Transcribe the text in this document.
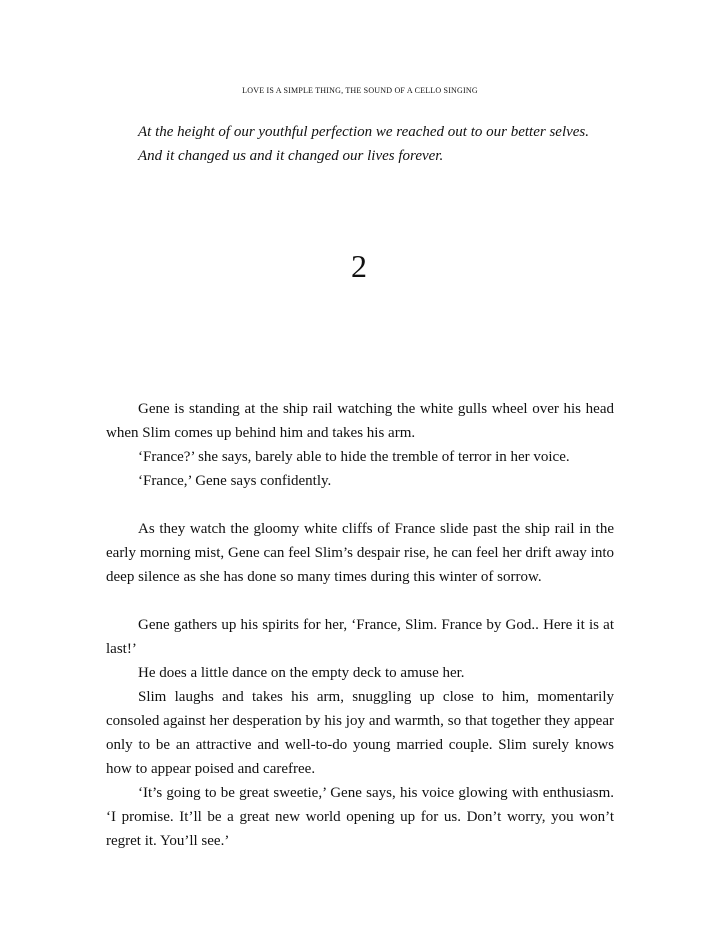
LOVE IS A SIMPLE THING, THE SOUND OF A CELLO SINGING

At the height of our youthful perfection we reached out to our better selves.

And it changed us and it changed our lives forever.

2

Gene is standing at the ship rail watching the white gulls wheel over his head when Slim comes up behind him and takes his arm.

‘France?’ she says, barely able to hide the tremble of terror in her voice.

‘France,’ Gene says confidently.

As they watch the gloomy white cliffs of France slide past the ship rail in the early morning mist, Gene can feel Slim’s despair rise, he can feel her drift away into deep silence as she has done so many times during this winter of sorrow.

Gene gathers up his spirits for her, ‘France, Slim. France by God.. Here it is at last!’

He does a little dance on the empty deck to amuse her.

Slim laughs and takes his arm, snuggling up close to him, momentarily consoled against her desperation by his joy and warmth, so that together they appear only to be an attractive and well-to-do young married couple. Slim surely knows how to appear poised and carefree.

‘It’s going to be great sweetie,’ Gene says, his voice glowing with enthusiasm. ‘I promise. It’ll be a great new world opening up for us. Don’t worry, you won’t regret it. You’ll see.’
